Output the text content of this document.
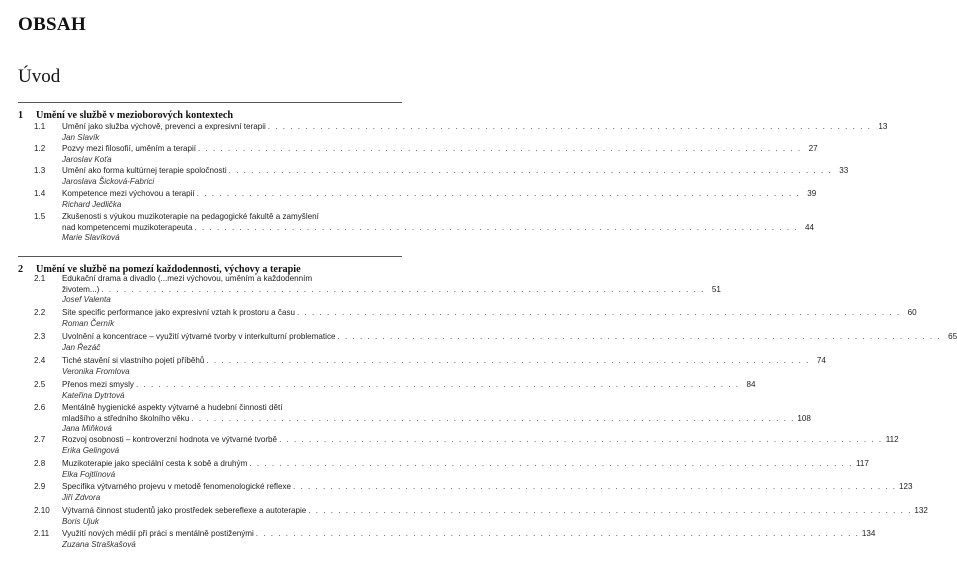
OBSAH
Úvod
1 Umění ve službě v mezioborových kontextech
1.1	Umění jako služba výchově, prevenci a expresivní terapii . . .	13
Jan Slavík
1.2	Pozvy mezi filosofií, uměním a terapií . . .	27
Jaroslav Koťa
1.3	Umění ako forma kultúrnej terapie spoločnosti . . .	33
Jaroslava Šicková-Fabrici
1.4	Kompetence mezi výchovou a terapií . . .	39
Richard Jedlička
1.5	Zkušenosti s výukou muzikoterapie na pedagogické fakultě a zamyšlení
nad kompetencemi muzikoterapeuta . . .	44
Marie Slavíková
2 Umění ve službě na pomezí každodennosti, výchovy a terapie
2.1	Edukační drama a divadlo (...mezi výchovou, uměním a každodenním
životem...) . . .	51
Josef Valenta
2.2	Site specific performance jako expresivní vztah k prostoru a času . . .	60
Roman Černík
2.3	Uvolnění a koncentrace – využití výtvarné tvorby v interkulturní problematice . . .	65
Jan Řezáč
2.4	Tiché stavění si vlastního pojetí příběhů . . .	74
Veronika Fromlova
2.5	Přenos mezi smysly . . .	84
Kateřina Dytrtová
2.6	Mentálně hygienické aspekty výtvarné a hudební činnosti dětí
mladšího a středního školního věku . . .	108
Jana Miňková
2.7	Rozvoj osobnosti – kontroverzní hodnota ve výtvarné tvorbě . . .	112
Erika Gelingová
2.8	Muzikoterapie jako speciální cesta k sobě a druhým . . .	117
Elka Fojtlínová
2.9	Specifika výtvarného projevu v metodě fenomenologické reflexe . . .	123
Jiří Zdvora
2.10 Výtvarná činnost studentů jako prostředek sebereflexe a autoterapie . . .	132
Boris Ujuk
2.11	Využití nových médií při práci s mentálně postiženými . . .	134
Zuzana Straškašová
